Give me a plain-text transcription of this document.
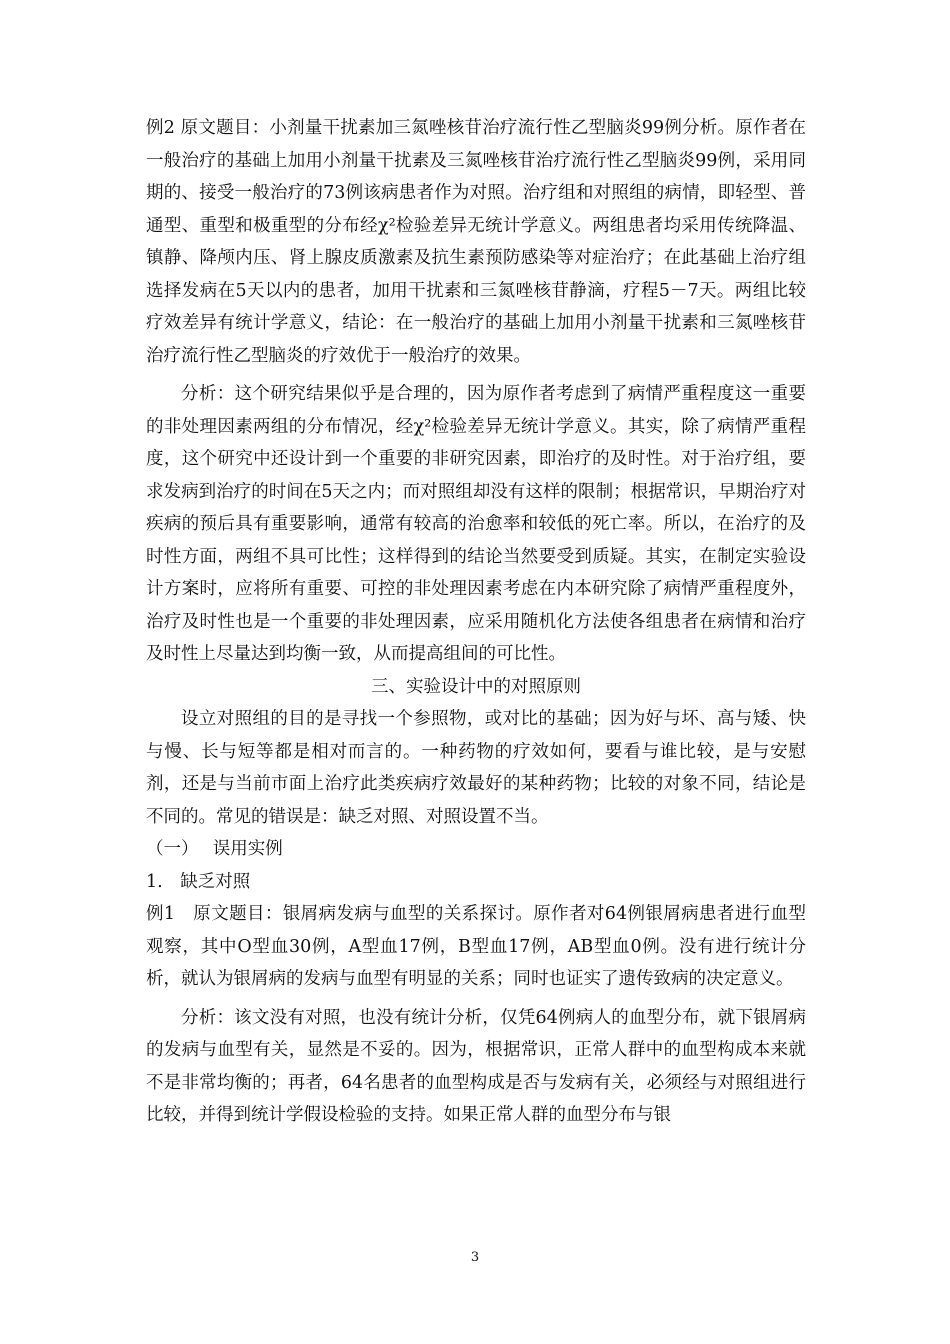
例2 原文题目：小剂量干扰素加三氮唑核苷治疗流行性乙型脑炎99例分析。原作者在一般治疗的基础上加用小剂量干扰素及三氮唑核苷治疗流行性乙型脑炎99例，采用同期的、接受一般治疗的73例该病患者作为对照。治疗组和对照组的病情，即轻型、普通型、重型和极重型的分布经χ²检验差异无统计学意义。两组患者均采用传统降温、镇静、降颅内压、肾上腺皮质激素及抗生素预防感染等对症治疗；在此基础上治疗组选择发病在5天以内的患者，加用干扰素和三氮唑核苷静滴，疗程5－7天。两组比较疗效差异有统计学意义，结论：在一般治疗的基础上加用小剂量干扰素和三氮唑核苷治疗流行性乙型脑炎的疗效优于一般治疗的效果。

分析：这个研究结果似乎是合理的，因为原作者考虑到了病情严重程度这一重要的非处理因素两组的分布情况，经χ²检验差异无统计学意义。其实，除了病情严重程度，这个研究中还设计到一个重要的非研究因素，即治疗的及时性。对于治疗组，要求发病到治疗的时间在5天之内；而对照组却没有这样的限制；根据常识，早期治疗对疾病的预后具有重要影响，通常有较高的治愈率和较低的死亡率。所以，在治疗的及时性方面，两组不具可比性；这样得到的结论当然要受到质疑。其实，在制定实验设计方案时，应将所有重要、可控的非处理因素考虑在内本研究除了病情严重程度外，治疗及时性也是一个重要的非处理因素，应采用随机化方法使各组患者在病情和治疗及时性上尽量达到均衡一致，从而提高组间的可比性。

三、实验设计中的对照原则

设立对照组的目的是寻找一个参照物，或对比的基础；因为好与坏、高与矮、快与慢、长与短等都是相对而言的。一种药物的疗效如何，要看与谁比较，是与安慰剂，还是与当前市面上治疗此类疾病疗效最好的某种药物；比较的对象不同，结论是不同的。常见的错误是：缺乏对照、对照设置不当。

（一）　 误用实例

1.　缺乏对照

例1　原文题目：银屑病发病与血型的关系探讨。原作者对64例银屑病患者进行血型观察，其中O型血30例，A型血17例，B型血17例，AB型血0例。没有进行统计分析，就认为银屑病的发病与血型有明显的关系；同时也证实了遗传致病的决定意义。

分析：该文没有对照，也没有统计分析，仅凭64例病人的血型分布，就下银屑病的发病与血型有关，显然是不妥的。因为，根据常识，正常人群中的血型构成本来就不是非常均衡的；再者，64名患者的血型构成是否与发病有关，必须经与对照组进行比较，并得到统计学假设检验的支持。如果正常人群的血型分布与银

3
